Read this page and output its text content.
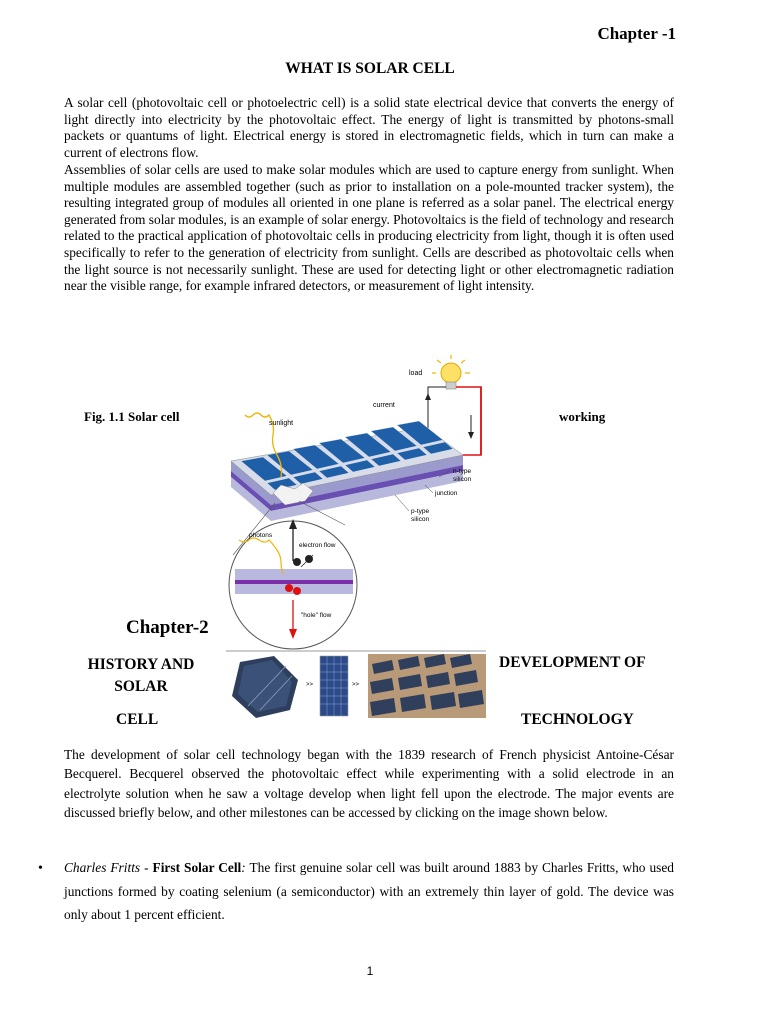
Chapter -1
WHAT IS SOLAR CELL
A solar cell (photovoltaic cell or photoelectric cell) is a solid state electrical device that converts the energy of light directly into electricity by the photovoltaic effect. The energy of light is transmitted by photons-small packets or quantums of light. Electrical energy is stored in electromagnetic fields, which in turn can make a current of electrons flow.
Assemblies of solar cells are used to make solar modules which are used to capture energy from sunlight. When multiple modules are assembled together (such as prior to installation on a pole-mounted tracker system), the resulting integrated group of modules all oriented in one plane is referred as a solar panel. The electrical energy generated from solar modules, is an example of solar energy. Photovoltaics is the field of technology and research related to the practical application of photovoltaic cells in producing electricity from light, though it is often used specifically to refer to the generation of electricity from sunlight. Cells are described as photovoltaic cells when the light source is not necessarily sunlight. These are used for detecting light or other electromagnetic radiation near the visible range, for example infrared detectors, or measurement of light intensity.
Fig. 1.1 Solar cell	working
load
current
sunlight
n-type
silicon
junction
p-type
silicon
photons
electron flow
"hole" flow
Chapter-2
HISTORY AND
SOLAR
DEVELOPMENT OF
CELL	TECHNOLOGY
>>	>>
The development of solar cell technology began with the 1839 research of French physicist Antoine-César Becquerel. Becquerel observed the photovoltaic effect while experimenting with a solid electrode in an electrolyte solution when he saw a voltage develop when light fell upon the electrode. The major events are discussed briefly below, and other milestones can be accessed by clicking on the image shown below.
• Charles Fritts - First Solar Cell: The first genuine solar cell was built around 1883 by Charles Fritts, who used junctions formed by coating selenium (a semiconductor) with an extremely thin layer of gold. The device was only about 1 percent efficient.
1
